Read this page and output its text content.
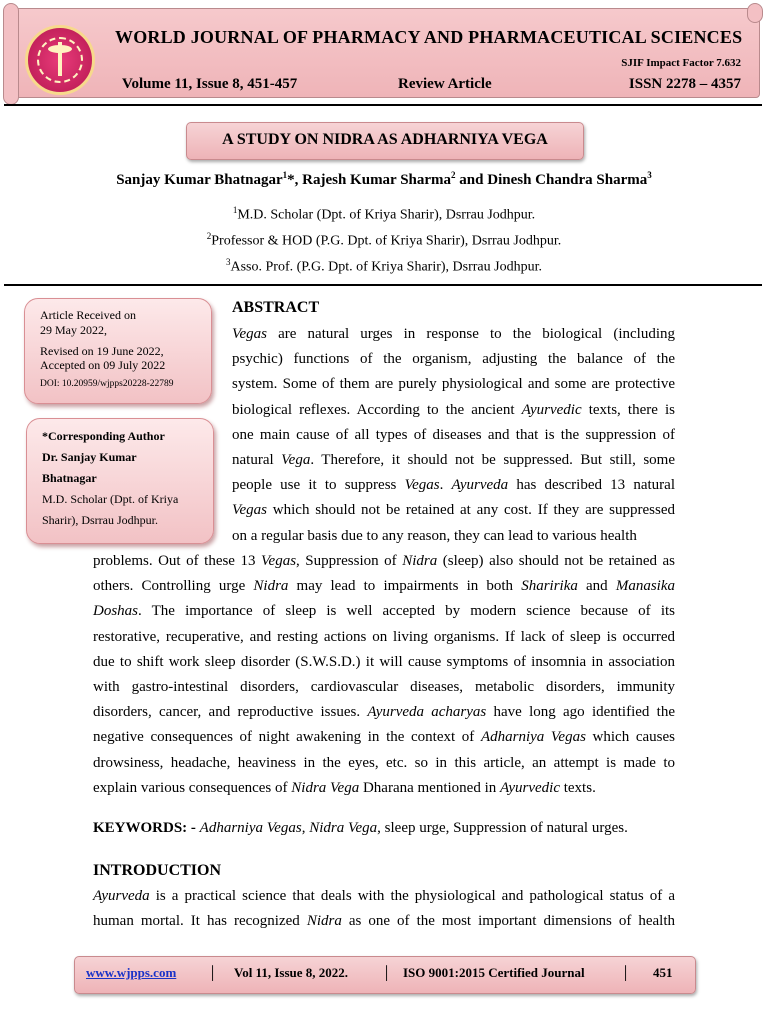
WORLD JOURNAL OF PHARMACY AND PHARMACEUTICAL SCIENCES
SJIF Impact Factor 7.632
Volume 11, Issue 8, 451-457	Review Article	ISSN 2278 – 4357
A STUDY ON NIDRA AS ADHARNIYA VEGA
Sanjay Kumar Bhatnagar$^1$*, Rajesh Kumar Sharma$^2$ and Dinesh Chandra Sharma$^3$
$^1$M.D. Scholar (Dpt. of Kriya Sharir), Dsrrau Jodhpur.
$^2$Professor & HOD (P.G. Dpt. of Kriya Sharir), Dsrrau Jodhpur.
$^3$Asso. Prof. (P.G. Dpt. of Kriya Sharir), Dsrrau Jodhpur.

Article Received on

29 May 2022,

Revised on 19 June 2022,

Accepted on 09 July 2022

DOI: 10.20959/wjpps20228-22789

*Corresponding Author

Dr. Sanjay Kumar

Bhatnagar

M.D. Scholar (Dpt. of Kriya

Sharir), Dsrrau Jodhpur.

ABSTRACT

Vegas are natural urges in response to the biological (including

psychic) functions of the organism, adjusting the balance of the

system. Some of them are purely physiological and some are protective

biological reflexes. According to the ancient Ayurvedic texts, there is

one main cause of all types of diseases and that is the suppression of

natural Vega. Therefore, it should not be suppressed. But still, some

people use it to suppress Vegas. Ayurveda has described 13 natural

Vegas which should not be retained at any cost. If they are suppressed

on a regular basis due to any reason, they can lead to various health

problems. Out of these 13 Vegas, Suppression of Nidra (sleep) also should not be retained as

others. Controlling urge Nidra may lead to impairments in both Sharirika and Manasika

Doshas. The importance of sleep is well accepted by modern science because of its

restorative, recuperative, and resting actions on living organisms. If lack of sleep is occurred

due to shift work sleep disorder (S.W.S.D.) it will cause symptoms of insomnia in association

with gastro-intestinal disorders, cardiovascular diseases, metabolic disorders, immunity

disorders, cancer, and reproductive issues. Ayurveda acharyas have long ago identified the

negative consequences of night awakening in the context of Adharniya Vegas which causes

drowsiness, headache, heaviness in the eyes, etc. so in this article, an attempt is made to

explain various consequences of Nidra Vega Dharana mentioned in Ayurvedic texts.

KEYWORDS: - Adharniya Vegas, Nidra Vega, sleep urge, Suppression of natural urges.
INTRODUCTION

Ayurveda is a practical science that deals with the physiological and pathological status of a

human mortal. It has recognized Nidra as one of the most important dimensions of health

www.wjpps.com │ Vol 11, Issue 8, 2022.	│ ISO 9001:2015 Certified Journal	│ 451
